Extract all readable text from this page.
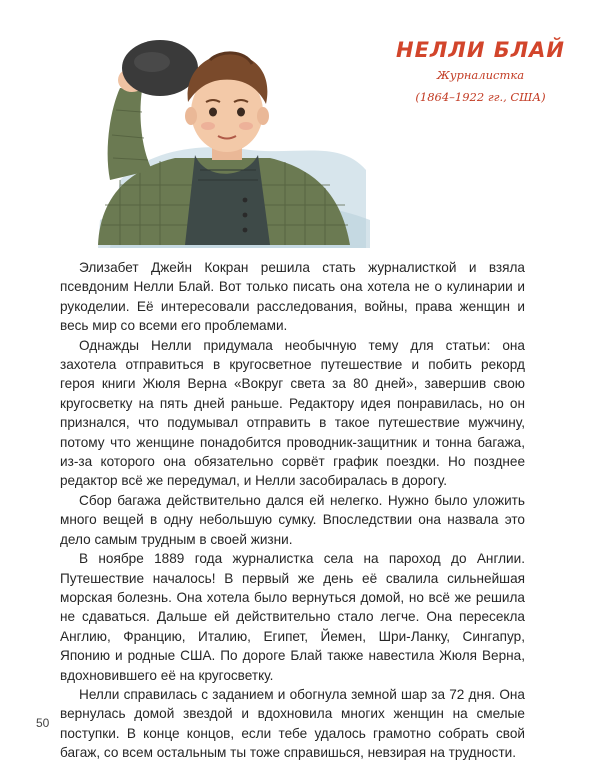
НЕЛЛИ БЛАЙ
Журналистка
(1864–1922 гг., США)

Элизабет Джейн Кокран решила стать журналисткой и взяла псевдоним Нелли Блай. Вот только писать она хотела не о кулинарии и рукоделии. Её интересовали расследования, войны, права женщин и весь мир со всеми его проблемами.

Однажды Нелли придумала необычную тему для статьи: она захотела отправиться в кругосветное путешествие и побить рекорд героя книги Жюля Верна «Вокруг света за 80 дней», завершив свою кругосветку на пять дней раньше. Редактору идея понравилась, но он признался, что подумывал отправить в такое путешествие мужчину, потому что женщине понадобится проводник-защитник и тонна багажа, из-за которого она обязательно сорвёт график поездки. Но позднее редактор всё же передумал, и Нелли засобиралась в дорогу.

Сбор багажа действительно дался ей нелегко. Нужно было уложить много вещей в одну небольшую сумку. Впоследствии она назвала это дело самым трудным в своей жизни.

В ноябре 1889 года журналистка села на пароход до Англии. Путешествие началось! В первый же день её свалила сильнейшая морская болезнь. Она хотела было вернуться домой, но всё же решила не сдаваться. Дальше ей действительно стало легче. Она пересекла Англию, Францию, Италию, Египет, Йемен, Шри-Ланку, Сингапур, Японию и родные США. По дороге Блай также навестила Жюля Верна, вдохновившего её на кругосветку.

Нелли справилась с заданием и обогнула земной шар за 72 дня. Она вернулась домой звездой и вдохновила многих женщин на смелые поступки. В конце концов, если тебе удалось грамотно собрать свой багаж, со всем остальным ты тоже справишься, невзирая на трудности.

50
